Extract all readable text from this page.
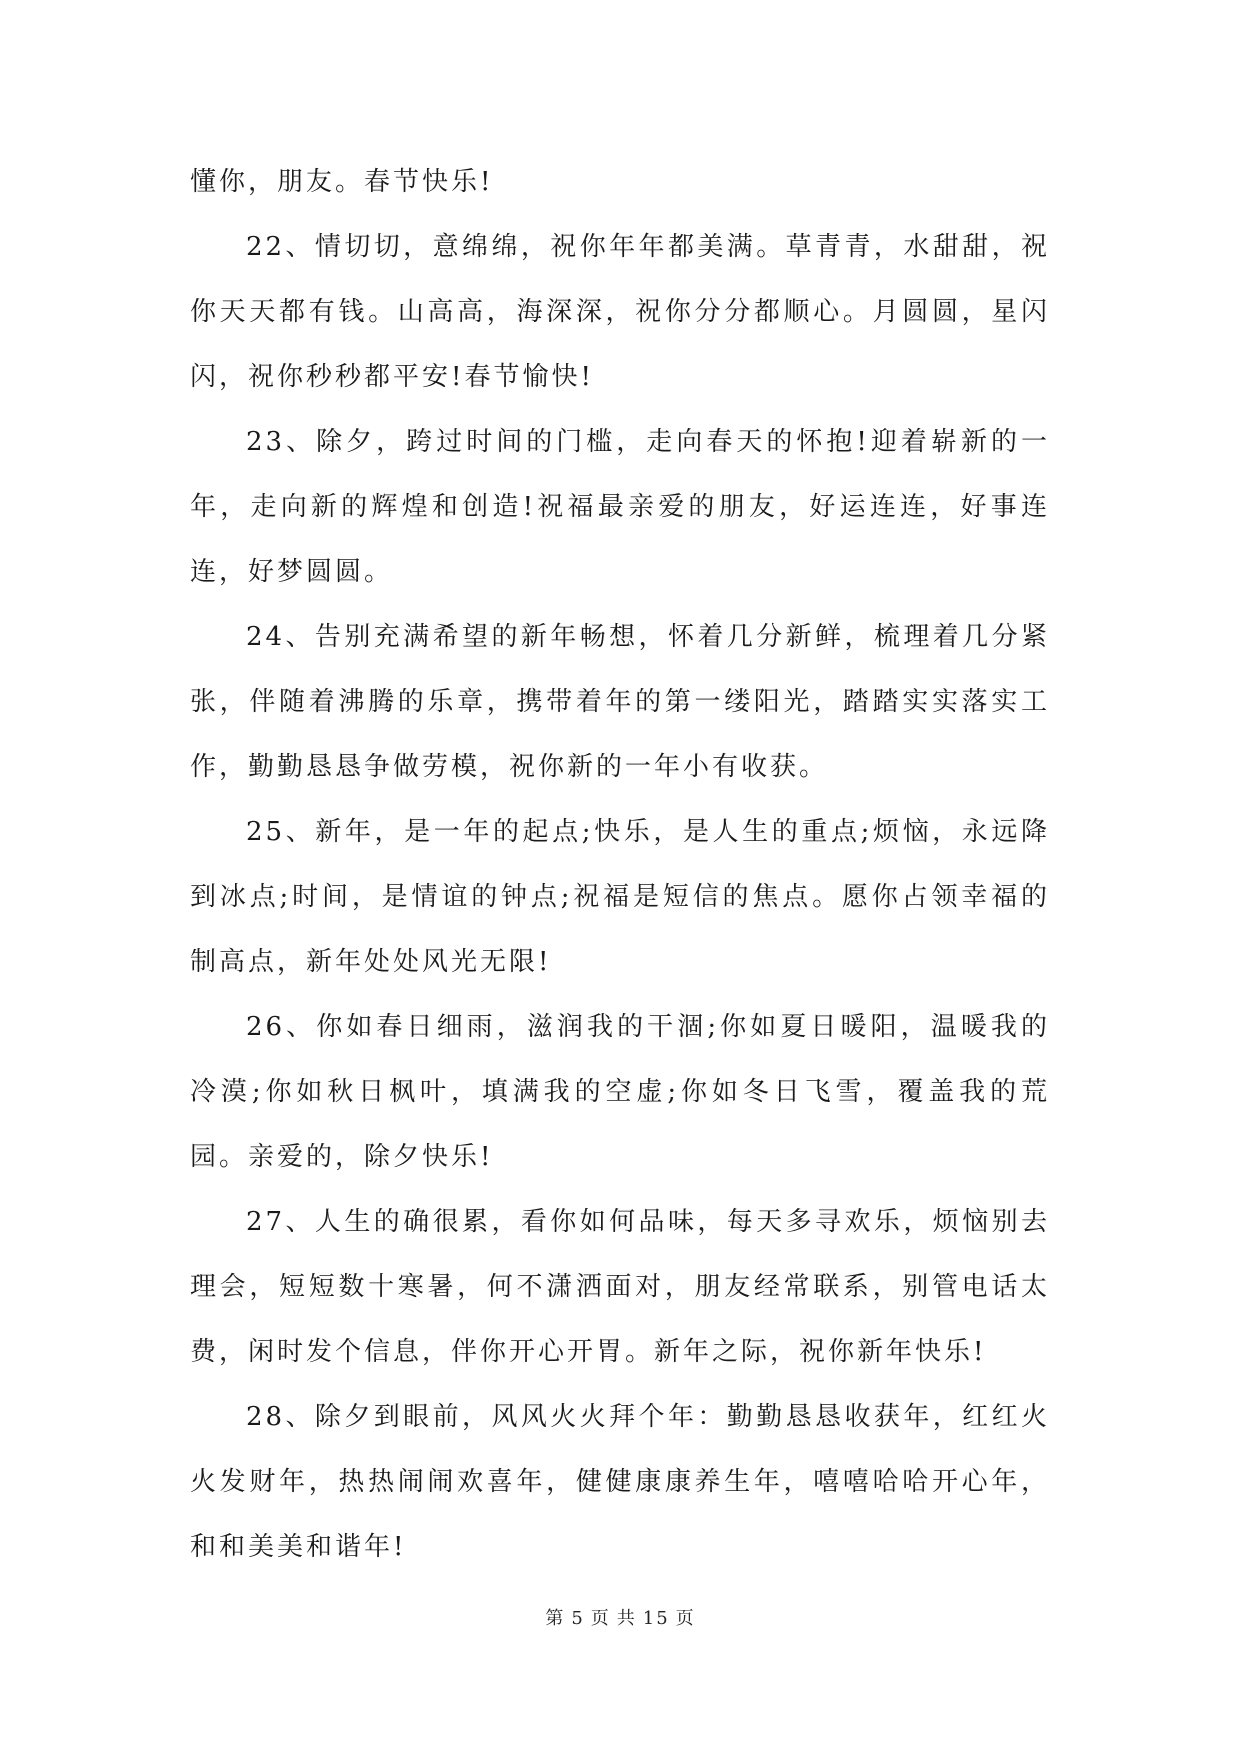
懂你，朋友。春节快乐!

22、情切切，意绵绵，祝你年年都美满。草青青，水甜甜，祝你天天都有钱。山高高，海深深，祝你分分都顺心。月圆圆，星闪闪，祝你秒秒都平安!春节愉快!

23、除夕，跨过时间的门槛，走向春天的怀抱!迎着崭新的一年，走向新的辉煌和创造!祝福最亲爱的朋友，好运连连，好事连连，好梦圆圆。

24、告别充满希望的新年畅想，怀着几分新鲜，梳理着几分紧张，伴随着沸腾的乐章，携带着年的第一缕阳光，踏踏实实落实工作，勤勤恳恳争做劳模，祝你新的一年小有收获。

25、新年，是一年的起点;快乐，是人生的重点;烦恼，永远降到冰点;时间，是情谊的钟点;祝福是短信的焦点。愿你占领幸福的制高点，新年处处风光无限!

26、你如春日细雨，滋润我的干涸;你如夏日暖阳，温暖我的冷漠;你如秋日枫叶，填满我的空虚;你如冬日飞雪，覆盖我的荒园。亲爱的，除夕快乐!

27、人生的确很累，看你如何品味，每天多寻欢乐，烦恼别去理会，短短数十寒暑，何不潇洒面对，朋友经常联系，别管电话太费，闲时发个信息，伴你开心开胃。新年之际，祝你新年快乐!

28、除夕到眼前，风风火火拜个年：勤勤恳恳收获年，红红火火发财年，热热闹闹欢喜年，健健康康养生年，嘻嘻哈哈开心年，和和美美和谐年!

第 5 页 共 15 页
